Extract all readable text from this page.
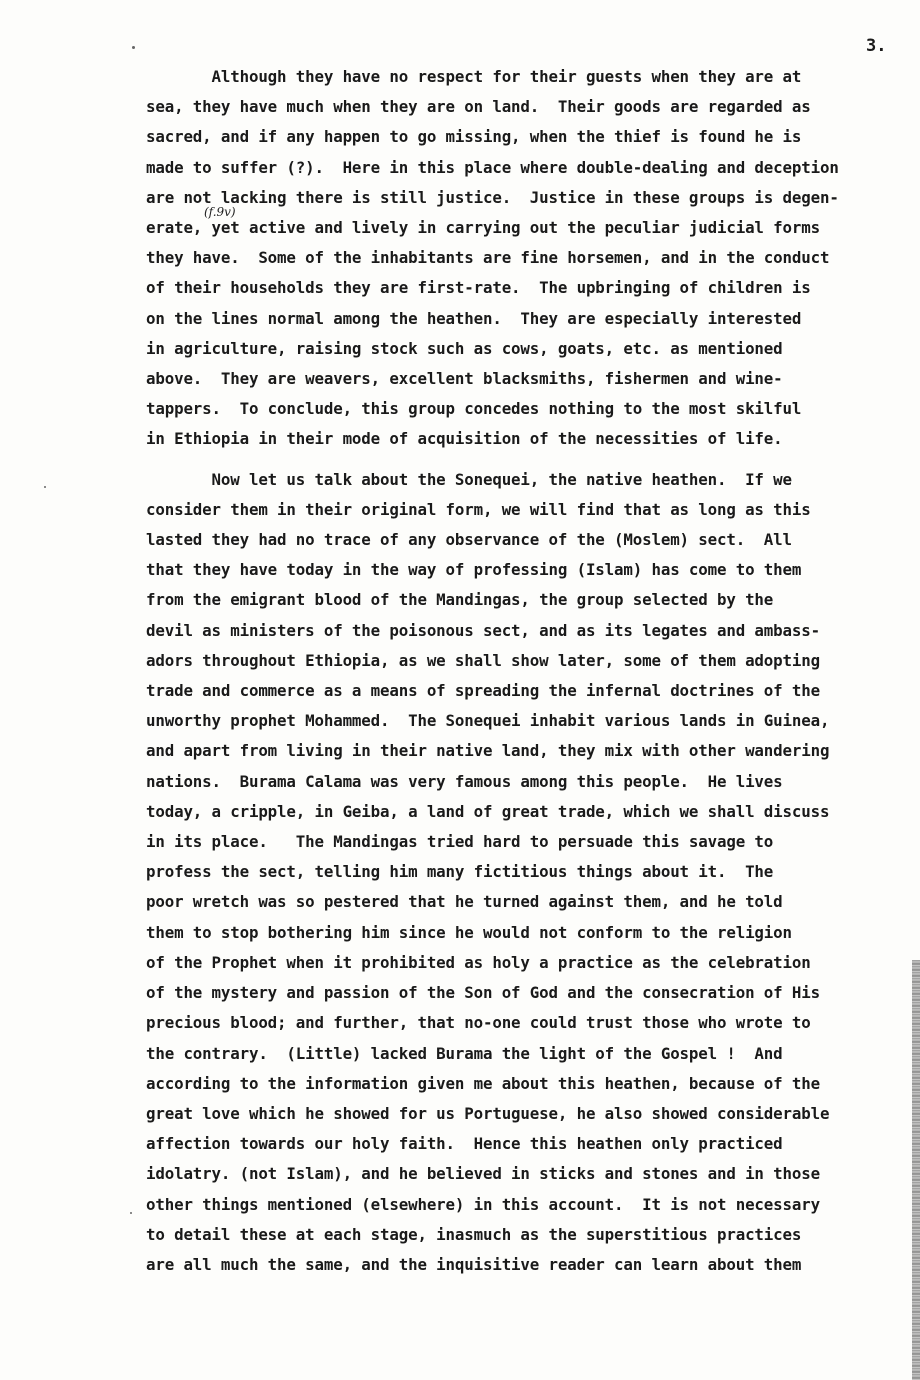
3.
(f.9v)
Although they have no respect for their guests when they are at
sea, they have much when they are on land.  Their goods are regarded as
sacred, and if any happen to go missing, when the thief is found he is
made to suffer (?).  Here in this place where double-dealing and deception
are not lacking there is still justice.  Justice in these groups is degen-
erate, yet active and lively in carrying out the peculiar judicial forms
they have.  Some of the inhabitants are fine horsemen, and in the conduct
of their households they are first-rate.  The upbringing of children is
on the lines normal among the heathen.  They are especially interested
in agriculture, raising stock such as cows, goats, etc. as mentioned
above.  They are weavers, excellent blacksmiths, fishermen and wine-
tappers.  To conclude, this group concedes nothing to the most skilful
in Ethiopia in their mode of acquisition of the necessities of life.
Now let us talk about the Sonequei, the native heathen.  If we
consider them in their original form, we will find that as long as this
lasted they had no trace of any observance of the (Moslem) sect.  All
that they have today in the way of professing (Islam) has come to them
from the emigrant blood of the Mandingas, the group selected by the
devil as ministers of the poisonous sect, and as its legates and ambass-
adors throughout Ethiopia, as we shall show later, some of them adopting
trade and commerce as a means of spreading the infernal doctrines of the
unworthy prophet Mohammed.  The Sonequei inhabit various lands in Guinea,
and apart from living in their native land, they mix with other wandering
nations.  Burama Calama was very famous among this people.  He lives
today, a cripple, in Geiba, a land of great trade, which we shall discuss
in its place.   The Mandingas tried hard to persuade this savage to
profess the sect, telling him many fictitious things about it.  The
poor wretch was so pestered that he turned against them, and he told
them to stop bothering him since he would not conform to the religion
of the Prophet when it prohibited as holy a practice as the celebration
of the mystery and passion of the Son of God and the consecration of His
precious blood; and further, that no-one could trust those who wrote to
the contrary.  (Little) lacked Burama the light of the Gospel !  And
according to the information given me about this heathen, because of the
great love which he showed for us Portuguese, he also showed considerable
affection towards our holy faith.  Hence this heathen only practiced
idolatry. (not Islam), and he believed in sticks and stones and in those
other things mentioned (elsewhere) in this account.  It is not necessary
to detail these at each stage, inasmuch as the superstitious practices
are all much the same, and the inquisitive reader can learn about them
